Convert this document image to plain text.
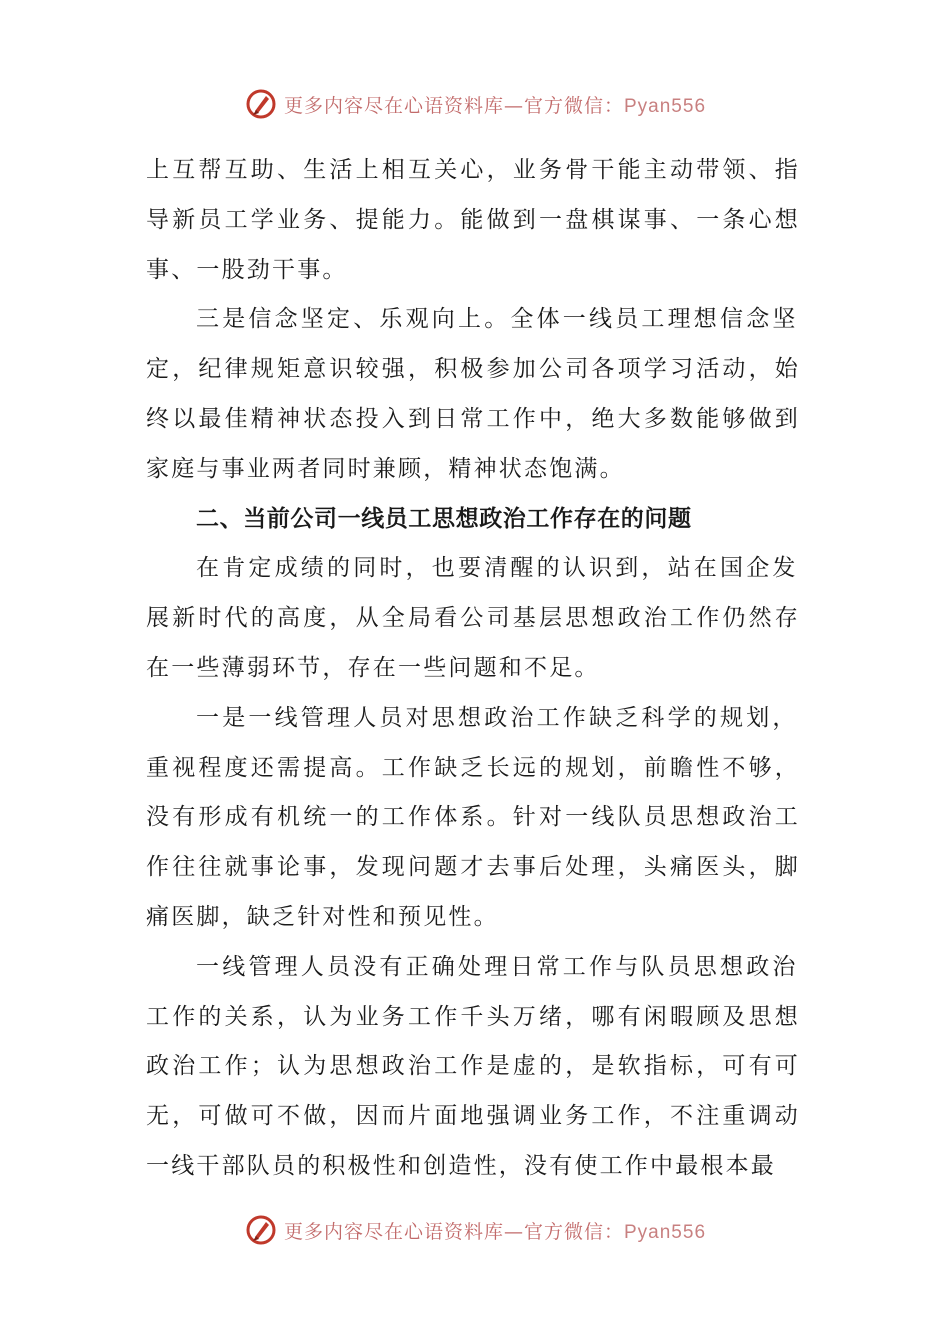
更多内容尽在心语资料库—官方微信：Pyan556
上互帮互助、生活上相互关心，业务骨干能主动带领、指
导新员工学业务、提能力。能做到一盘棋谋事、一条心想
事、一股劲干事。
三是信念坚定、乐观向上。全体一线员工理想信念坚
定，纪律规矩意识较强，积极参加公司各项学习活动，始
终以最佳精神状态投入到日常工作中，绝大多数能够做到
家庭与事业两者同时兼顾，精神状态饱满。
二、当前公司一线员工思想政治工作存在的问题
在肯定成绩的同时，也要清醒的认识到，站在国企发
展新时代的高度，从全局看公司基层思想政治工作仍然存
在一些薄弱环节，存在一些问题和不足。
一是一线管理人员对思想政治工作缺乏科学的规划，
重视程度还需提高。工作缺乏长远的规划，前瞻性不够，
没有形成有机统一的工作体系。针对一线队员思想政治工
作往往就事论事，发现问题才去事后处理，头痛医头，脚
痛医脚，缺乏针对性和预见性。
一线管理人员没有正确处理日常工作与队员思想政治
工作的关系，认为业务工作千头万绪，哪有闲暇顾及思想
政治工作；认为思想政治工作是虚的，是软指标，可有可
无，可做可不做，因而片面地强调业务工作，不注重调动
一线干部队员的积极性和创造性，没有使工作中最根本最
更多内容尽在心语资料库—官方微信：Pyan556
